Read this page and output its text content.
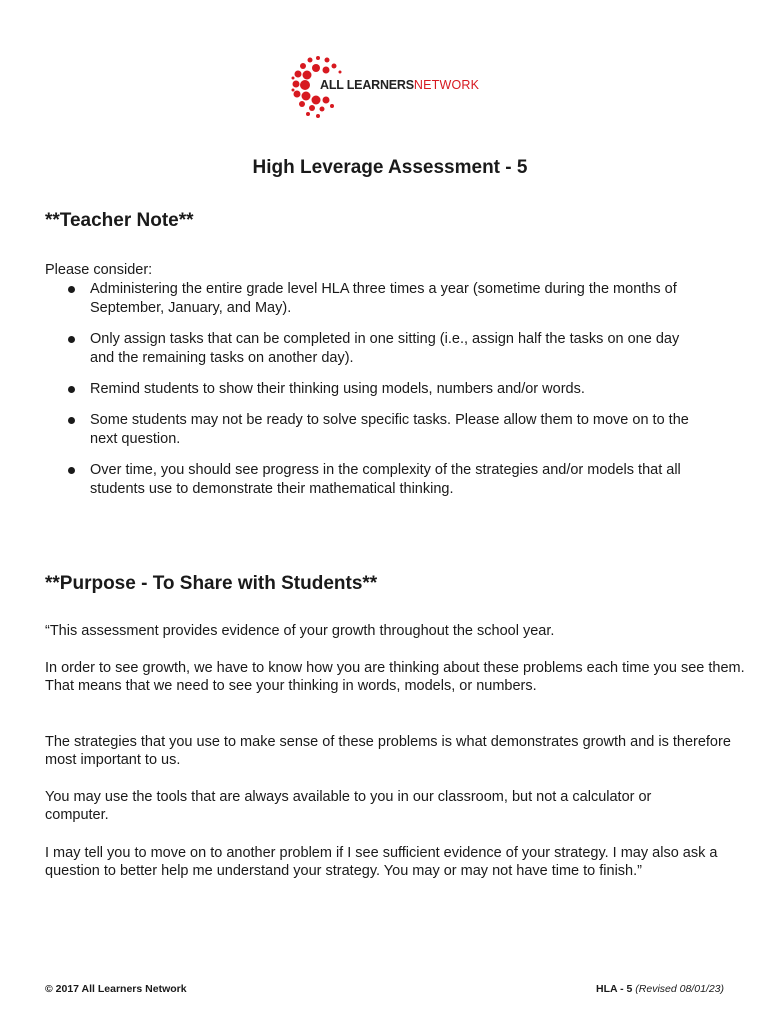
ALL LEARNERSNETWORK
High Leverage Assessment - 5
**Teacher Note**

Please consider:

Administering the entire grade level HLA three times a year (sometime during the months of September, January, and May).
Only assign tasks that can be completed in one sitting (i.e., assign half the tasks on one day and the remaining tasks on another day).
Remind students to show their thinking using models, numbers and/or words.
Some students may not be ready to solve specific tasks. Please allow them to move on to the next question.
Over time, you should see progress in the complexity of the strategies and/or models that all students use to demonstrate their mathematical thinking.
**Purpose - To Share with Students**

“This assessment provides evidence of your growth throughout the school year.

In order to see growth, we have to know how you are thinking about these problems each time you see them. That means that we need to see your thinking in words, models, or numbers.

The strategies that you use to make sense of these problems is what demonstrates growth and is therefore most important to us.

You may use the tools that are always available to you in our classroom, but not a calculator or computer.

I may tell you to move on to another problem if I see sufficient evidence of your strategy. I may also ask a question to better help me understand your strategy. You may or may not have time to finish.”

© 2017 All Learners Network	HLA - 5 (Revised 08/01/23)
